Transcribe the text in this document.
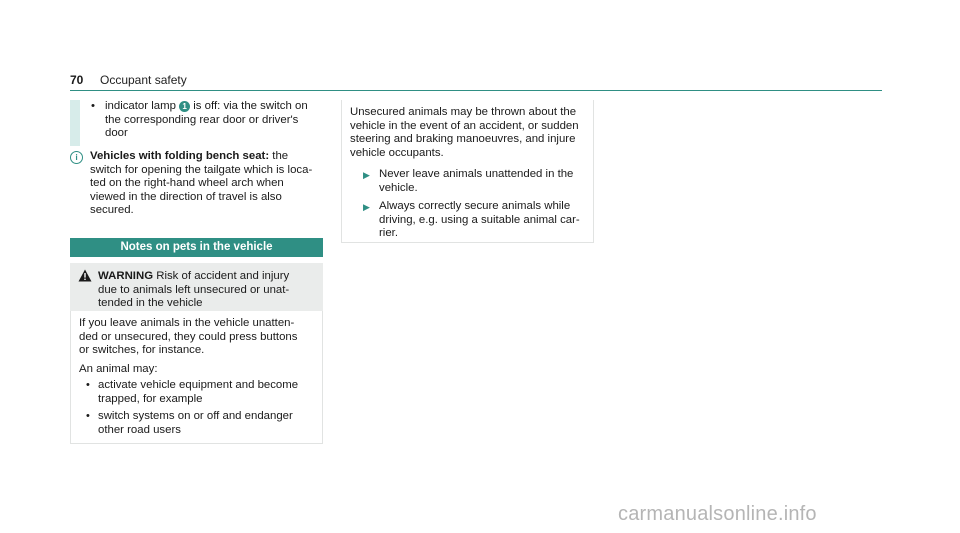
70 Occupant safety
• indicator lamp 1 is off: via the switch on
the corresponding rear door or driver's
door
i	Vehicles with folding bench seat: the
switch for opening the tailgate which is loca-
ted on the right-hand wheel arch when
viewed in the direction of travel is also
secured.
Notes on pets in the vehicle
WARNING Risk of accident and injury
due to animals left unsecured or unat-
tended in the vehicle
If you leave animals in the vehicle unatten-
ded or unsecured, they could press buttons
or switches, for instance.
An animal may:
• activate vehicle equipment and become
trapped, for example
• switch systems on or off and endanger
other road users
Unsecured animals may be thrown about the
vehicle in the event of an accident, or sudden
steering and braking manoeuvres, and injure
vehicle occupants.
▶ Never leave animals unattended in the
vehicle.
▶ Always correctly secure animals while
driving, e.g. using a suitable animal car-
rier.
carmanualsonline.info
